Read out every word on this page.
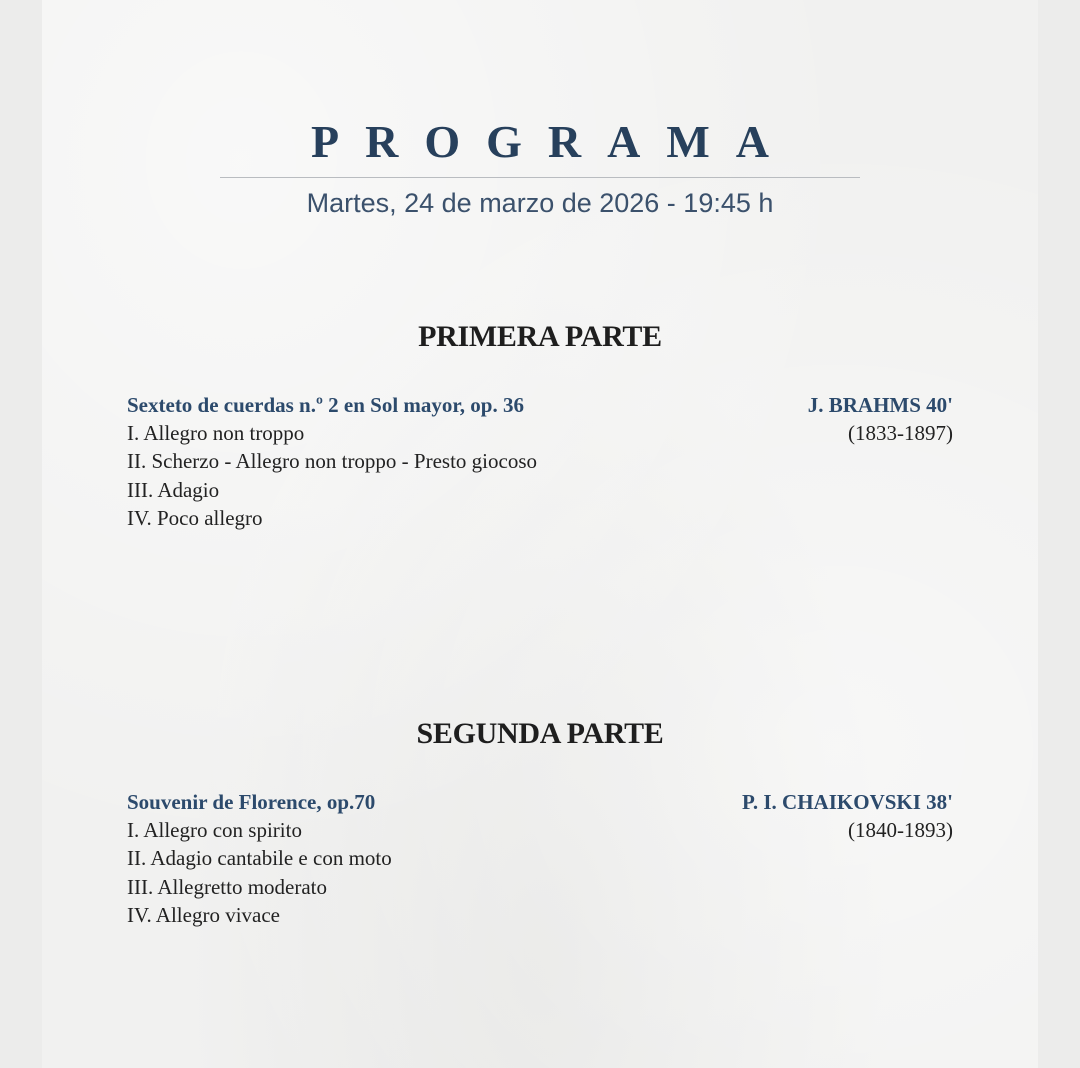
PROGRAMA
Martes, 24 de marzo de 2026 - 19:45 h
PRIMERA PARTE
Sexteto de cuerdas n.º 2 en Sol mayor, op. 36	J. BRAHMS 40'
(1833-1897)
I. Allegro non troppo
II. Scherzo - Allegro non troppo - Presto giocoso
III. Adagio
IV. Poco allegro
SEGUNDA PARTE
Souvenir de Florence, op.70	P. I. CHAIKOVSKI 38'
(1840-1893)
I. Allegro con spirito
II. Adagio cantabile e con moto
III. Allegretto moderato
IV. Allegro vivace
